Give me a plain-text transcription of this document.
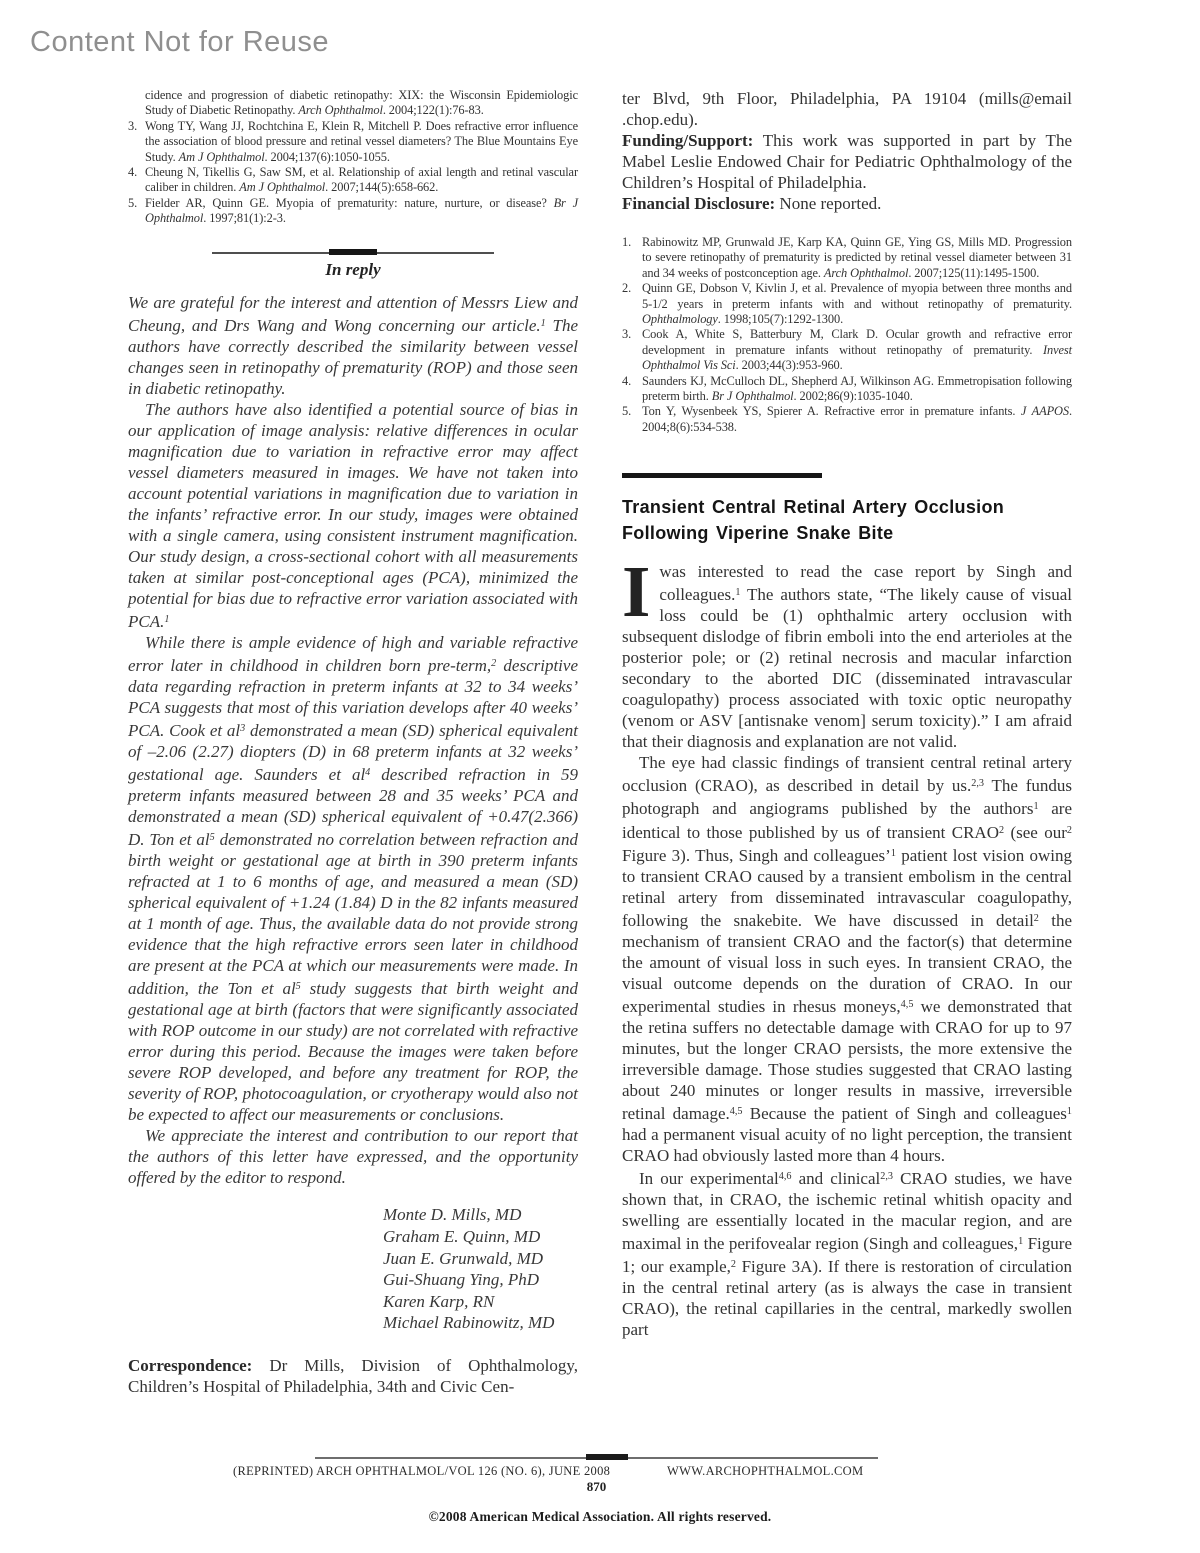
Content Not for Reuse
cidence and progression of diabetic retinopathy: XIX: the Wisconsin Epidemiologic Study of Diabetic Retinopathy. Arch Ophthalmol. 2004;122(1):76-83.
3. Wong TY, Wang JJ, Rochtchina E, Klein R, Mitchell P. Does refractive error influence the association of blood pressure and retinal vessel diameters? The Blue Mountains Eye Study. Am J Ophthalmol. 2004;137(6):1050-1055.
4. Cheung N, Tikellis G, Saw SM, et al. Relationship of axial length and retinal vascular caliber in children. Am J Ophthalmol. 2007;144(5):658-662.
5. Fielder AR, Quinn GE. Myopia of prematurity: nature, nurture, or disease? Br J Ophthalmol. 1997;81(1):2-3.
In reply

We are grateful for the interest and attention of Messrs Liew and Cheung, and Drs Wang and Wong concerning our article.$^1$ The authors have correctly described the similarity between vessel changes seen in retinopathy of prematurity (ROP) and those seen in diabetic retinopathy.

The authors have also identified a potential source of bias in our application of image analysis: relative differences in ocular magnification due to variation in refractive error may affect vessel diameters measured in images. We have not taken into account potential variations in magnification due to variation in the infants’ refractive error. In our study, images were obtained with a single camera, using consistent instrument magnification. Our study design, a cross-sectional cohort with all measurements taken at similar post-conceptional ages (PCA), minimized the potential for bias due to refractive error variation associated with PCA.$^1$

While there is ample evidence of high and variable refractive error later in childhood in children born pre-term,$^2$ descriptive data regarding refraction in preterm infants at 32 to 34 weeks’ PCA suggests that most of this variation develops after 40 weeks’ PCA. Cook et $al^3$ demonstrated a mean (SD) spherical equivalent of –2.06 (2.27) diopters (D) in 68 preterm infants at 32 weeks’ gestational age. Saunders et $al^4$ described refraction in 59 preterm infants measured between 28 and 35 weeks’ PCA and demonstrated a mean (SD) spherical equivalent of +0.47(2.366) D. Ton et $al^5$ demonstrated no correlation between refraction and birth weight or gestational age at birth in 390 preterm infants refracted at 1 to 6 months of age, and measured a mean (SD) spherical equivalent of +1.24 (1.84) D in the 82 infants measured at 1 month of age. Thus, the available data do not provide strong evidence that the high refractive errors seen later in childhood are present at the PCA at which our measurements were made. In addition, the Ton et $al^5$ study suggests that birth weight and gestational age at birth (factors that were significantly associated with ROP outcome in our study) are not correlated with refractive error during this period. Because the images were taken before severe ROP developed, and before any treatment for ROP, the severity of ROP, photocoagulation, or cryotherapy would also not be expected to affect our measurements or conclusions.

We appreciate the interest and contribution to our report that the authors of this letter have expressed, and the opportunity offered by the editor to respond.

Monte D. Mills, MD
Graham E. Quinn, MD
Juan E. Grunwald, MD
Gui-Shuang Ying, PhD
Karen Karp, RN
Michael Rabinowitz, MD

Correspondence: Dr Mills, Division of Ophthalmology, Children’s Hospital of Philadelphia, 34th and Civic Cen-

ter Blvd, 9th Floor, Philadelphia, PA 19104 (mills@email .chop.edu).

Funding/Support: This work was supported in part by The Mabel Leslie Endowed Chair for Pediatric Ophthalmology of the Children’s Hospital of Philadelphia.

Financial Disclosure: None reported.

1. Rabinowitz MP, Grunwald JE, Karp KA, Quinn GE, Ying GS, Mills MD. Progression to severe retinopathy of prematurity is predicted by retinal vessel diameter between 31 and 34 weeks of postconception age. Arch Ophthalmol. 2007;125(11):1495-1500.
2. Quinn GE, Dobson V, Kivlin J, et al. Prevalence of myopia between three months and 5-1/2 years in preterm infants with and without retinopathy of prematurity. Ophthalmology. 1998;105(7):1292-1300.
3. Cook A, White S, Batterbury M, Clark D. Ocular growth and refractive error development in premature infants without retinopathy of prematurity. Invest Ophthalmol Vis Sci. 2003;44(3):953-960.
4. Saunders KJ, McCulloch DL, Shepherd AJ, Wilkinson AG. Emmetropisation following preterm birth. Br J Ophthalmol. 2002;86(9):1035-1040.
5. Ton Y, Wysenbeek YS, Spierer A. Refractive error in premature infants. J AAPOS. 2004;8(6):534-538.
Transient Central Retinal Artery Occlusion
Following Viperine Snake Bite

Iwas interested to read the case report by Singh and colleagues.$^1$ The authors state, “The likely cause of visual loss could be (1) ophthalmic artery occlusion with subsequent dislodge of fibrin emboli into the end arterioles at the posterior pole; or (2) retinal necrosis and macular infarction secondary to the aborted DIC (disseminated intravascular coagulopathy) process associated with toxic optic neuropathy (venom or ASV [antisnake venom] serum toxicity).” I am afraid that their diagnosis and explanation are not valid.

The eye had classic findings of transient central retinal artery occlusion (CRAO), as described in detail by us.$^{2,3}$ The fundus photograph and angiograms published by the authors$^1$ are identical to those published by us of transient CRAO$^2$ (see our$^2$ Figure 3). Thus, Singh and colleagues’$^1$ patient lost vision owing to transient CRAO caused by a transient embolism in the central retinal artery from disseminated intravascular coagulopathy, following the snakebite. We have discussed in detail$^2$ the mechanism of transient CRAO and the factor(s) that determine the amount of visual loss in such eyes. In transient CRAO, the visual outcome depends on the duration of CRAO. In our experimental studies in rhesus moneys,$^{4,5}$ we demonstrated that the retina suffers no detectable damage with CRAO for up to 97 minutes, but the longer CRAO persists, the more extensive the irreversible damage. Those studies suggested that CRAO lasting about 240 minutes or longer results in massive, irreversible retinal damage.$^{4,5}$ Because the patient of Singh and colleagues$^1$ had a permanent visual acuity of no light perception, the transient CRAO had obviously lasted more than 4 hours.

In our experimental$^{4,6}$ and clinical$^{2,3}$ CRAO studies, we have shown that, in CRAO, the ischemic retinal whitish opacity and swelling are essentially located in the macular region, and are maximal in the perifovealar region (Singh and colleagues,$^1$ Figure 1; our example,$^2$ Figure 3A). If there is restoration of circulation in the central retinal artery (as is always the case in transient CRAO), the retinal capillaries in the central, markedly swollen part

(REPRINTED) ARCH OPHTHALMOL/VOL 126 (NO. 6), JUNE 2008	WWW.ARCHOPHTHALMOL.COM
870
©2008 American Medical Association. All rights reserved.
